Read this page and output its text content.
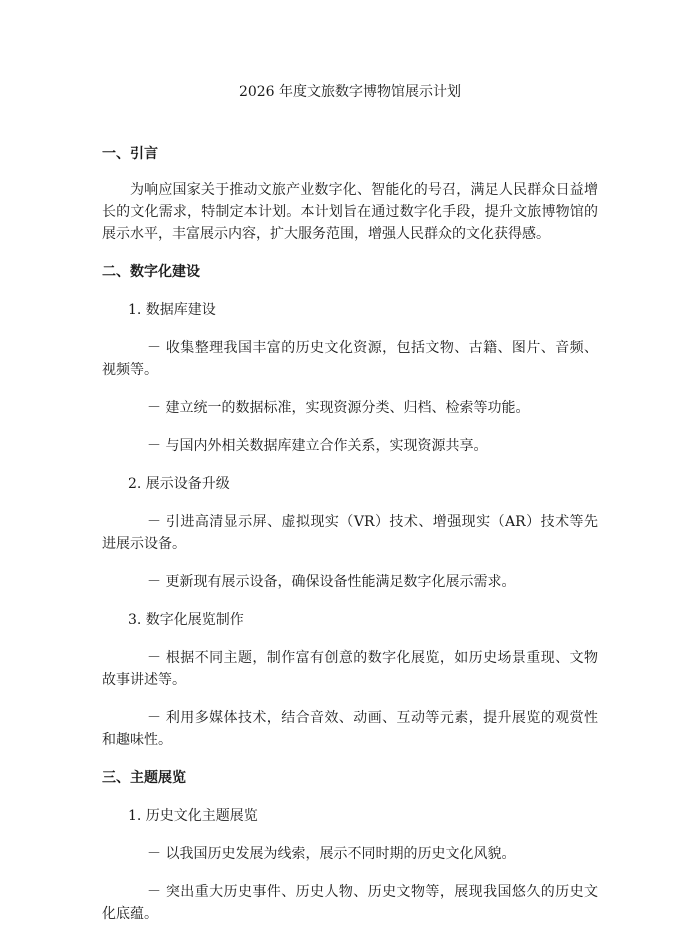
2026 年度文旅数字博物馆展示计划

一、引言

为响应国家关于推动文旅产业数字化、智能化的号召，满足人民群众日益增长的文化需求，特制定本计划。本计划旨在通过数字化手段，提升文旅博物馆的展示水平，丰富展示内容，扩大服务范围，增强人民群众的文化获得感。

二、数字化建设

1. 数据库建设

－ 收集整理我国丰富的历史文化资源，包括文物、古籍、图片、音频、视频等。

－ 建立统一的数据标准，实现资源分类、归档、检索等功能。

－ 与国内外相关数据库建立合作关系，实现资源共享。

2. 展示设备升级

－ 引进高清显示屏、虚拟现实（VR）技术、增强现实（AR）技术等先进展示设备。

－ 更新现有展示设备，确保设备性能满足数字化展示需求。

3. 数字化展览制作

－ 根据不同主题，制作富有创意的数字化展览，如历史场景重现、文物故事讲述等。

－ 利用多媒体技术，结合音效、动画、互动等元素，提升展览的观赏性和趣味性。

三、主题展览

1. 历史文化主题展览

－ 以我国历史发展为线索，展示不同时期的历史文化风貌。

－ 突出重大历史事件、历史人物、历史文物等，展现我国悠久的历史文化底蕴。
